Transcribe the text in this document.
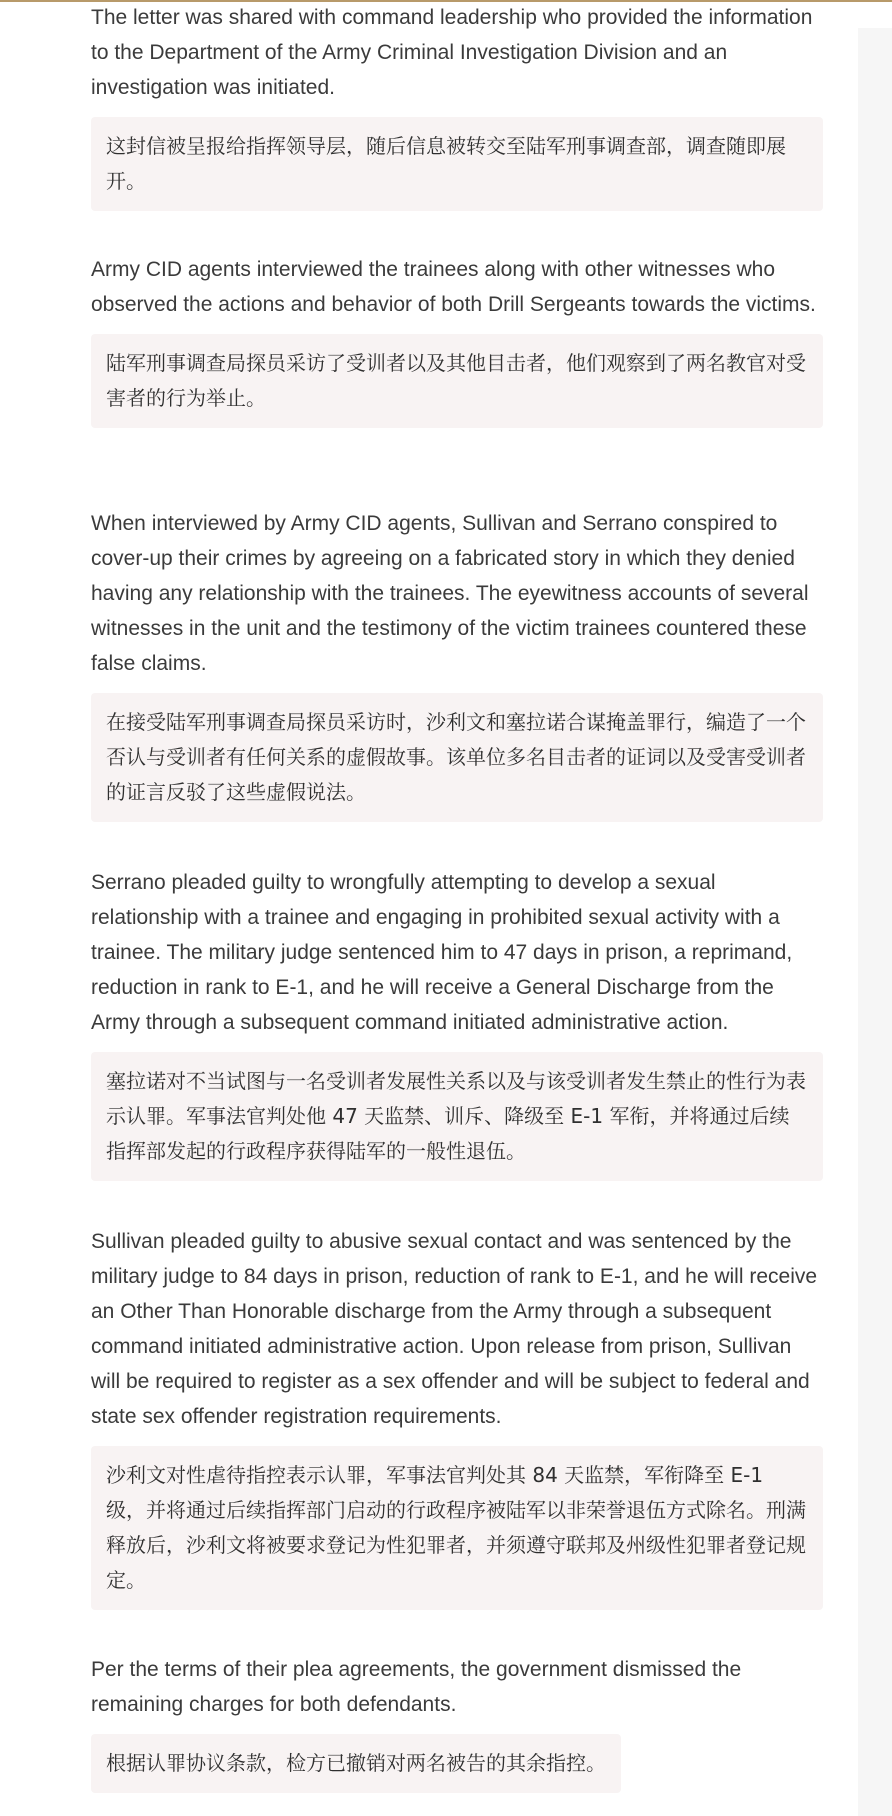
The letter was shared with command leadership who provided the information to the Department of the Army Criminal Investigation Division and an investigation was initiated.

这封信被呈报给指挥领导层，随后信息被转交至陆军刑事调查部，调查随即展开。

Army CID agents interviewed the trainees along with other witnesses who observed the actions and behavior of both Drill Sergeants towards the victims.

陆军刑事调查局探员采访了受训者以及其他目击者，他们观察到了两名教官对受害者的行为举止。

When interviewed by Army CID agents, Sullivan and Serrano conspired to cover-up their crimes by agreeing on a fabricated story in which they denied having any relationship with the trainees. The eyewitness accounts of several witnesses in the unit and the testimony of the victim trainees countered these false claims.

在接受陆军刑事调查局探员采访时，沙利文和塞拉诺合谋掩盖罪行，编造了一个否认与受训者有任何关系的虚假故事。该单位多名目击者的证词以及受害受训者的证言反驳了这些虚假说法。

Serrano pleaded guilty to wrongfully attempting to develop a sexual relationship with a trainee and engaging in prohibited sexual activity with a trainee. The military judge sentenced him to 47 days in prison, a reprimand, reduction in rank to E-1, and he will receive a General Discharge from the Army through a subsequent command initiated administrative action.

塞拉诺对不当试图与一名受训者发展性关系以及与该受训者发生禁止的性行为表示认罪。军事法官判处他 47 天监禁、训斥、降级至 E-1 军衔，并将通过后续指挥部发起的行政程序获得陆军的一般性退伍。

Sullivan pleaded guilty to abusive sexual contact and was sentenced by the military judge to 84 days in prison, reduction of rank to E-1, and he will receive an Other Than Honorable discharge from the Army through a subsequent command initiated administrative action. Upon release from prison, Sullivan will be required to register as a sex offender and will be subject to federal and state sex offender registration requirements.

沙利文对性虐待指控表示认罪，军事法官判处其 84 天监禁，军衔降至 E-1 级，并将通过后续指挥部门启动的行政程序被陆军以非荣誉退伍方式除名。刑满释放后，沙利文将被要求登记为性犯罪者，并须遵守联邦及州级性犯罪者登记规定。

Per the terms of their plea agreements, the government dismissed the remaining charges for both defendants.

根据认罪协议条款，检方已撤销对两名被告的其余指控。
